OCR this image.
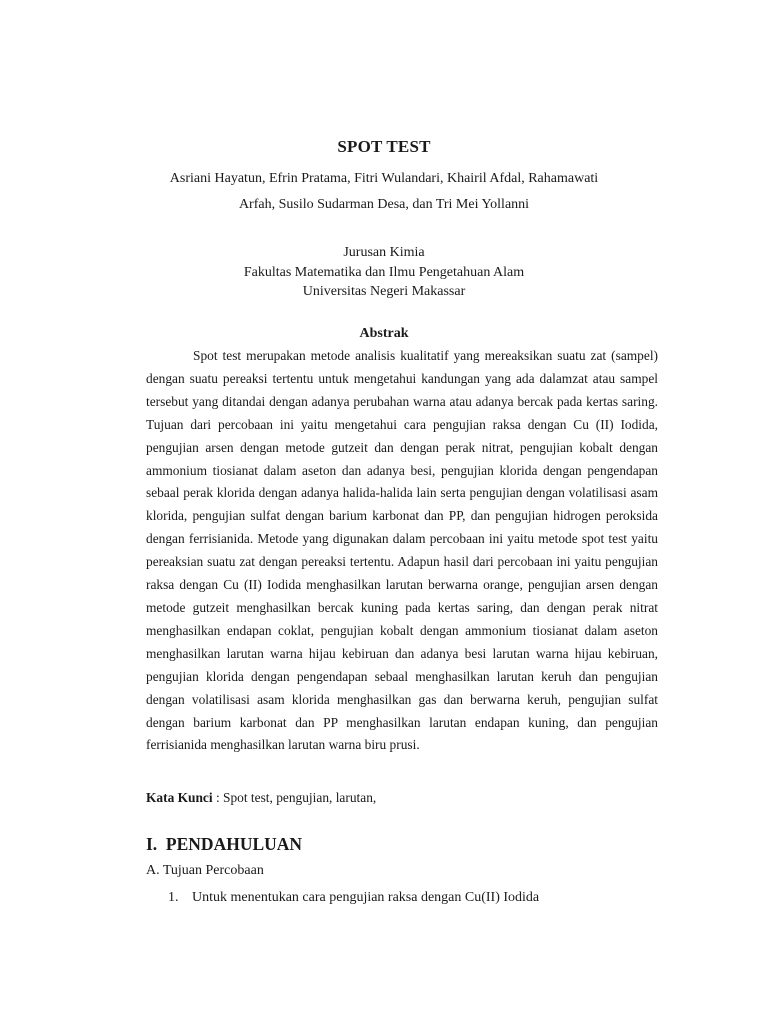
SPOT TEST
Asriani Hayatun, Efrin Pratama, Fitri Wulandari, Khairil Afdal, Rahamawati
Arfah, Susilo Sudarman Desa, dan Tri Mei Yollanni
Jurusan Kimia
Fakultas Matematika dan Ilmu Pengetahuan Alam
Universitas Negeri Makassar
Abstrak

Spot test merupakan metode analisis kualitatif yang mereaksikan suatu zat (sampel) dengan suatu pereaksi tertentu untuk mengetahui kandungan yang ada dalamzat atau sampel tersebut yang ditandai dengan adanya perubahan warna atau adanya bercak pada kertas saring. Tujuan dari percobaan ini yaitu mengetahui cara pengujian raksa dengan Cu (II) Iodida, pengujian arsen dengan metode gutzeit dan dengan perak nitrat, pengujian kobalt dengan ammonium tiosianat dalam aseton dan adanya besi, pengujian klorida dengan pengendapan sebaal perak klorida dengan adanya halida-halida lain serta pengujian dengan volatilisasi asam klorida, pengujian sulfat dengan barium karbonat dan PP, dan pengujian hidrogen peroksida dengan ferrisianida. Metode yang digunakan dalam percobaan ini yaitu metode spot test yaitu pereaksian suatu zat dengan pereaksi tertentu. Adapun hasil dari percobaan ini yaitu pengujian raksa dengan Cu (II) Iodida menghasilkan larutan berwarna orange, pengujian arsen dengan metode gutzeit menghasilkan bercak kuning pada kertas saring, dan dengan perak nitrat menghasilkan endapan coklat, pengujian kobalt dengan ammonium tiosianat dalam aseton menghasilkan larutan warna hijau kebiruan dan adanya besi larutan warna hijau kebiruan, pengujian klorida dengan pengendapan sebaal menghasilkan larutan keruh dan pengujian dengan volatilisasi asam klorida menghasilkan gas dan berwarna keruh, pengujian sulfat dengan barium karbonat dan PP menghasilkan larutan endapan kuning, dan pengujian ferrisianida menghasilkan larutan warna biru prusi.

Kata Kunci : Spot test, pengujian, larutan,
I.  PENDAHULUAN
A. Tujuan Percobaan
1. Untuk menentukan cara pengujian raksa dengan Cu(II) Iodida
